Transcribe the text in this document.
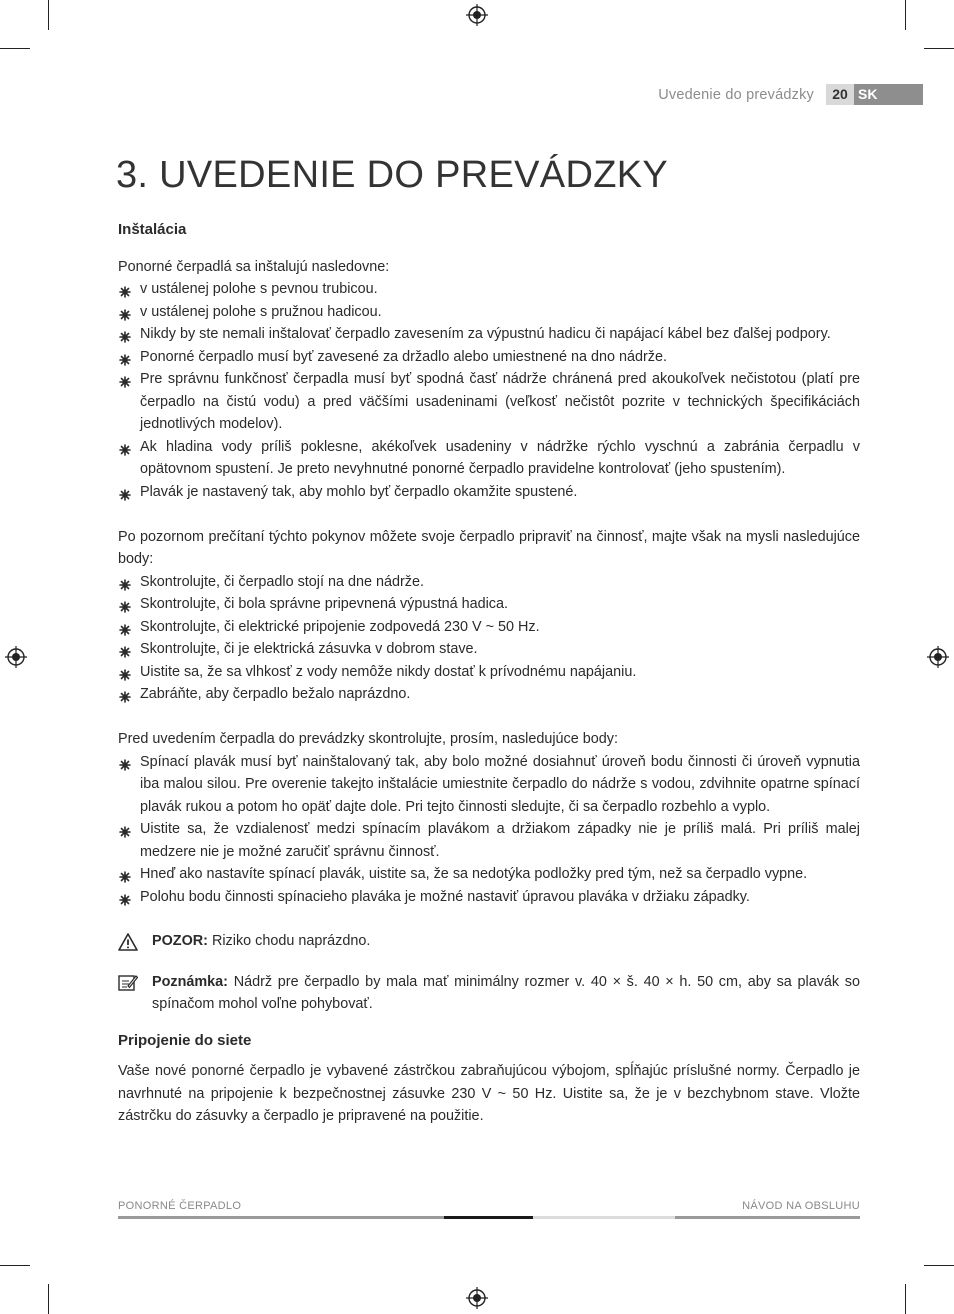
Uvedenie do prevádzky	20 SK
3. UVEDENIE DO PREVÁDZKY
Inštalácia

Ponorné čerpadlá sa inštalujú nasledovne:

v ustálenej polohe s pevnou trubicou.
v ustálenej polohe s pružnou hadicou.
Nikdy by ste nemali inštalovať čerpadlo zavesením za výpustnú hadicu či napájací kábel bez ďalšej podpory.
Ponorné čerpadlo musí byť zavesené za držadlo alebo umiestnené na dno nádrže.
Pre správnu funkčnosť čerpadla musí byť spodná časť nádrže chránená pred akoukoľvek nečistotou (platí pre čerpadlo na čistú vodu) a pred väčšími usadeninami (veľkosť nečistôt pozrite v technických špecifikáciách jednotlivých modelov).
Ak hladina vody príliš poklesne, akékoľvek usadeniny v nádržke rýchlo vyschnú a zabránia čerpadlu v opätovnom spustení. Je preto nevyhnutné ponorné čerpadlo pravidelne kontrolovať (jeho spustením).
Plavák je nastavený tak, aby mohlo byť čerpadlo okamžite spustené.

Po pozornom prečítaní týchto pokynov môžete svoje čerpadlo pripraviť na činnosť, majte však na mysli nasledujúce body:

Skontrolujte, či čerpadlo stojí na dne nádrže.
Skontrolujte, či bola správne pripevnená výpustná hadica.
Skontrolujte, či elektrické pripojenie zodpovedá 230 V ~ 50 Hz.
Skontrolujte, či je elektrická zásuvka v dobrom stave.
Uistite sa, že sa vlhkosť z vody nemôže nikdy dostať k prívodnému napájaniu.
Zabráňte, aby čerpadlo bežalo naprázdno.

Pred uvedením čerpadla do prevádzky skontrolujte, prosím, nasledujúce body:

Spínací plavák musí byť nainštalovaný tak, aby bolo možné dosiahnuť úroveň bodu činnosti či úroveň vypnutia iba malou silou. Pre overenie takejto inštalácie umiestnite čerpadlo do nádrže s vodou, zdvihnite opatrne spínací plavák rukou a potom ho opäť dajte dole. Pri tejto činnosti sledujte, či sa čerpadlo rozbehlo a vyplo.
Uistite sa, že vzdialenosť medzi spínacím plavákom a držiakom západky nie je príliš malá. Pri príliš malej medzere nie je možné zaručiť správnu činnosť.
Hneď ako nastavíte spínací plavák, uistite sa, že sa nedotýka podložky pred tým, než sa čerpadlo vypne.
Polohu bodu činnosti spínacieho plaváka je možné nastaviť úpravou plaváka v držiaku západky.
POZOR: Riziko chodu naprázdno.
Poznámka: Nádrž pre čerpadlo by mala mať minimálny rozmer v. 40 × š. 40 × h. 50 cm, aby sa plavák so spínačom mohol voľne pohybovať.
Pripojenie do siete

Vaše nové ponorné čerpadlo je vybavené zástrčkou zabraňujúcou výbojom, spĺňajúc príslušné normy. Čerpadlo je navrhnuté na pripojenie k bezpečnostnej zásuvke 230 V ~ 50 Hz. Uistite sa, že je v bezchybnom stave. Vložte zástrčku do zásuvky a čerpadlo je pripravené na použitie.

PONORNÉ ČERPADLO	NÁVOD NA OBSLUHU
